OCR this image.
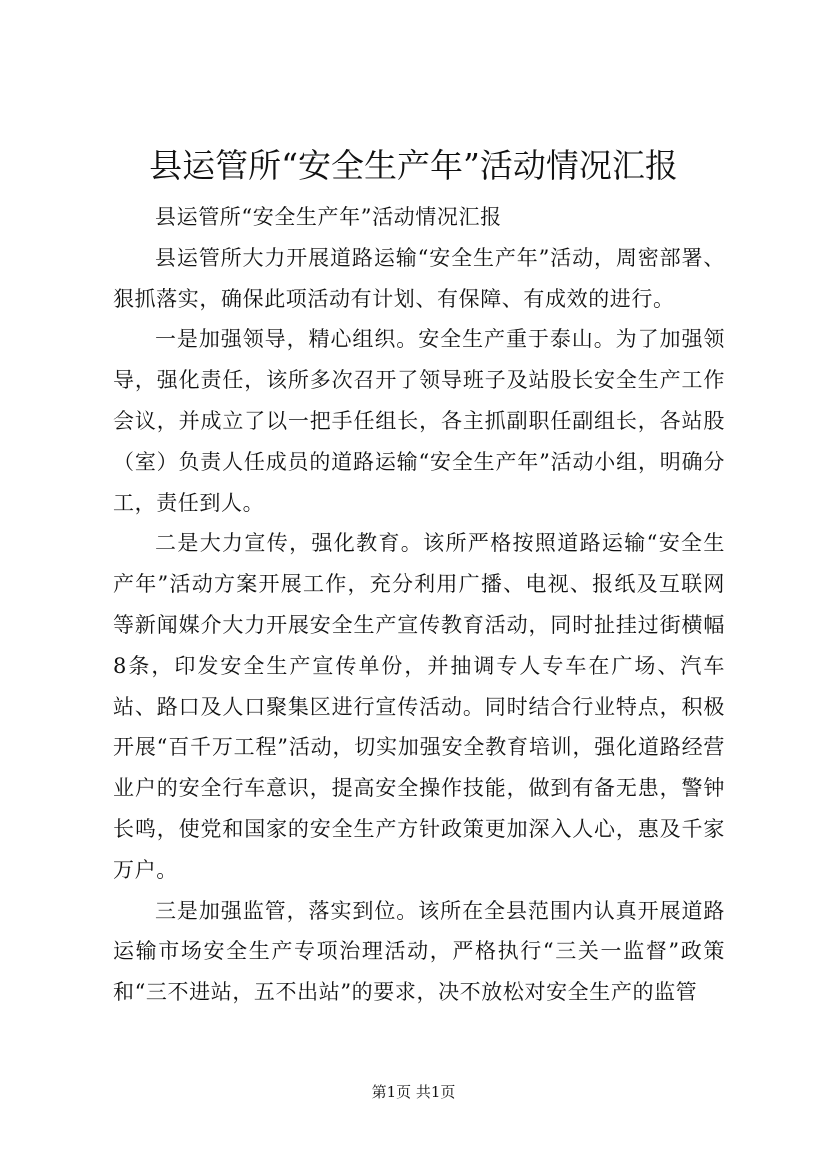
县运管所“安全生产年”活动情况汇报

县运管所“安全生产年”活动情况汇报

县运管所大力开展道路运输“安全生产年”活动，周密部署、狠抓落实，确保此项活动有计划、有保障、有成效的进行。

一是加强领导，精心组织。安全生产重于泰山。为了加强领导，强化责任，该所多次召开了领导班子及站股长安全生产工作会议，并成立了以一把手任组长，各主抓副职任副组长，各站股（室）负责人任成员的道路运输“安全生产年”活动小组，明确分工，责任到人。

二是大力宣传，强化教育。该所严格按照道路运输“安全生产年”活动方案开展工作，充分利用广播、电视、报纸及互联网等新闻媒介大力开展安全生产宣传教育活动，同时扯挂过街横幅8条，印发安全生产宣传单份，并抽调专人专车在广场、汽车站、路口及人口聚集区进行宣传活动。同时结合行业特点，积极开展“百千万工程”活动，切实加强安全教育培训，强化道路经营业户的安全行车意识，提高安全操作技能，做到有备无患，警钟长鸣，使党和国家的安全生产方针政策更加深入人心，惠及千家万户。

三是加强监管，落实到位。该所在全县范围内认真开展道路运输市场安全生产专项治理活动，严格执行“三关一监督”政策和“三不进站，五不出站”的要求，决不放松对安全生产的监管

第1页 共1页
